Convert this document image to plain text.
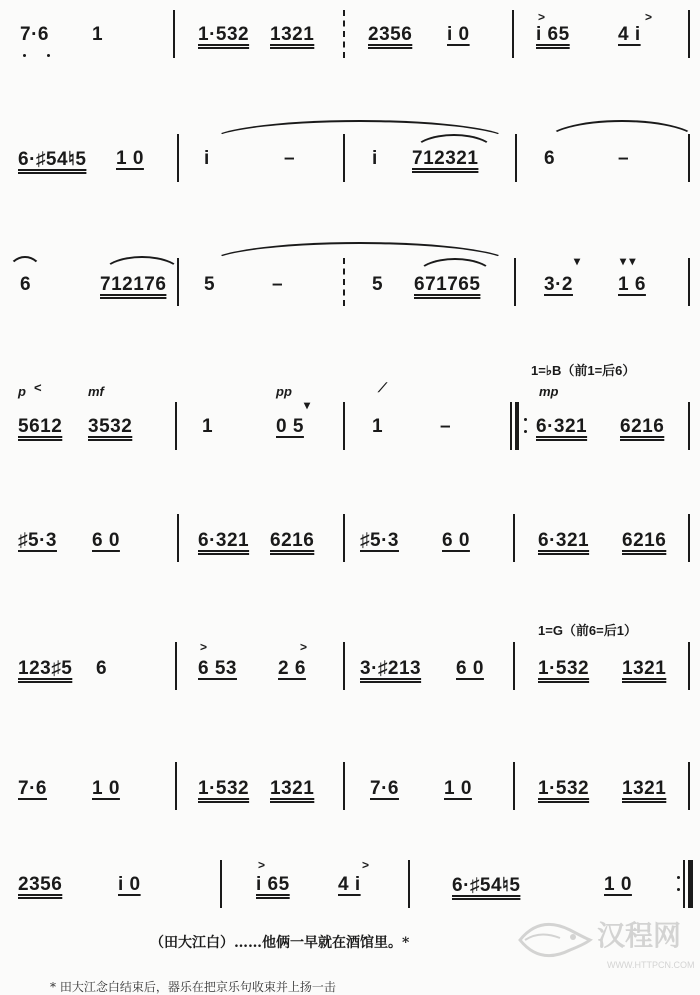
7·6 1	1·532 1321	2356 i 0
>
i 65
>
4 i
6·♯54♮5 1 0	i	–	i 712321	6	–
6	712176 5	–	5 671765
▾
3·2
▾ ▾
1 6
p <	mf	pp
1=♭B（前1=后6）
mp
5612 3532	1
▾
0 5
⟋
1	–	6·321 6216
♯5·3 6 0	6·321 6216 ♯5·3 6 0	6·321 6216
1=G（前6=后1）
123♯5 6
>
6 53
>
2 6	3·♯213 6 0	1·532 1321
7·6 1 0	1·532 1321	7·6 1 0	1·532 1321
2356	i 0
>
i 65
>
4 i	6·♯54♮5	1 0
（田大江白）……他俩一早就在酒馆里。*
* 田大江念白结束后，器乐在把京乐句收束并上扬一击
汉程网
WWW.HTTPCN.COM
